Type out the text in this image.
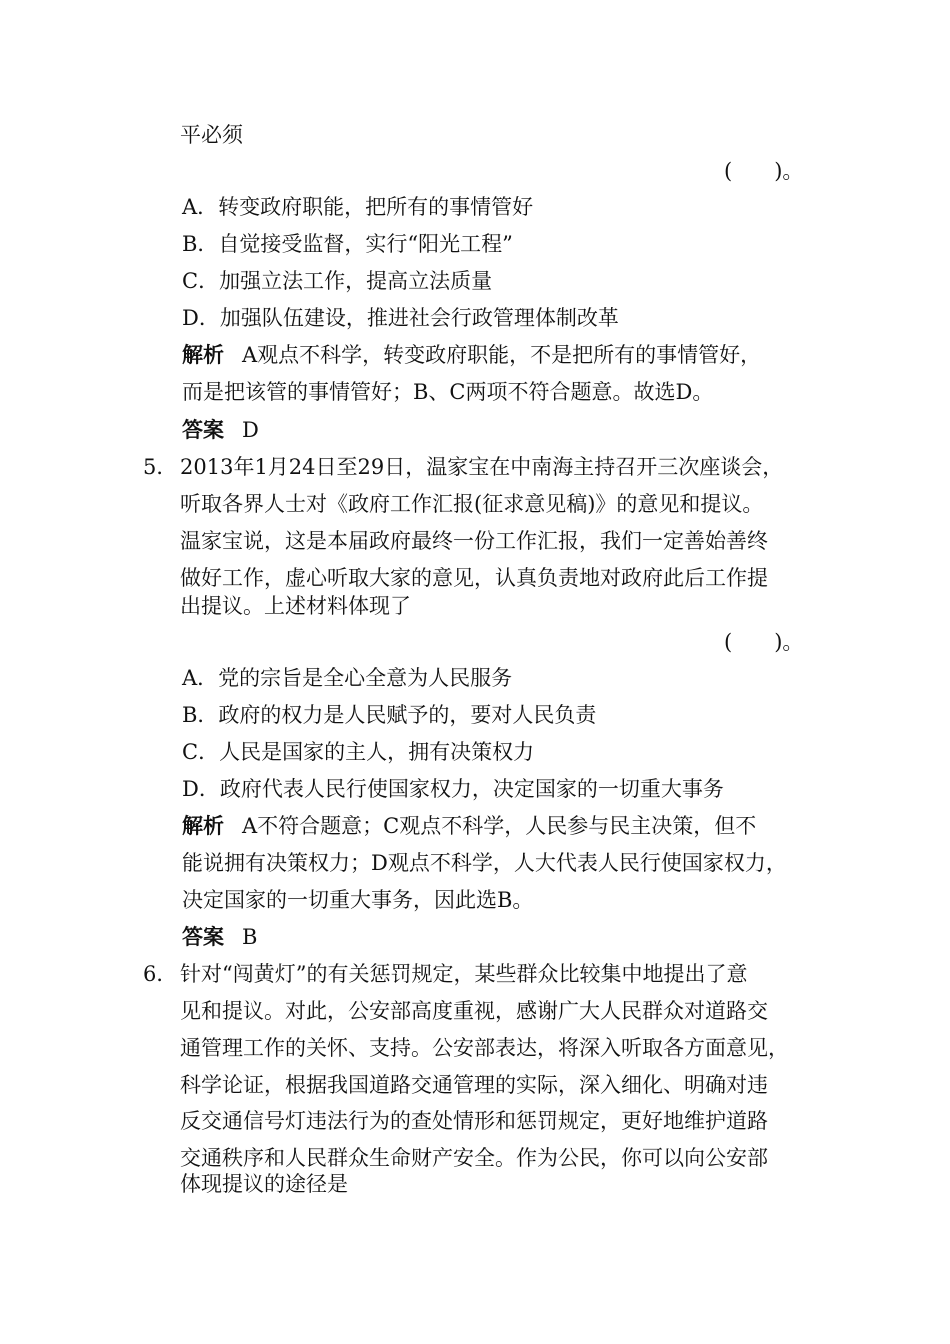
平必须
(　　)。
A．转变政府职能，把所有的事情管好
B．自觉接受监督，实行“阳光工程”
C．加强立法工作，提高立法质量
D．加强队伍建设，推进社会行政管理体制改革
解析 A观点不科学，转变政府职能，不是把所有的事情管好，
而是把该管的事情管好；B、C两项不符合题意。故选D。
答案 D
5． 2013年1月24日至29日，温家宝在中南海主持召开三次座谈会，
听取各界人士对《政府工作汇报(征求意见稿)》的意见和提议。
温家宝说，这是本届政府最终一份工作汇报，我们一定善始善终
做好工作，虚心听取大家的意见，认真负责地对政府此后工作提
出提议。上述材料体现了
(　　)。
A．党的宗旨是全心全意为人民服务
B．政府的权力是人民赋予的，要对人民负责
C．人民是国家的主人，拥有决策权力
D．政府代表人民行使国家权力，决定国家的一切重大事务
解析 A不符合题意；C观点不科学，人民参与民主决策，但不
能说拥有决策权力；D观点不科学，人大代表人民行使国家权力，
决定国家的一切重大事务，因此选B。
答案 B
6． 针对“闯黄灯”的有关惩罚规定，某些群众比较集中地提出了意
见和提议。对此，公安部高度重视，感谢广大人民群众对道路交
通管理工作的关怀、支持。公安部表达，将深入听取各方面意见，
科学论证，根据我国道路交通管理的实际，深入细化、明确对违
反交通信号灯违法行为的查处情形和惩罚规定，更好地维护道路
交通秩序和人民群众生命财产安全。作为公民，你可以向公安部
体现提议的途径是
